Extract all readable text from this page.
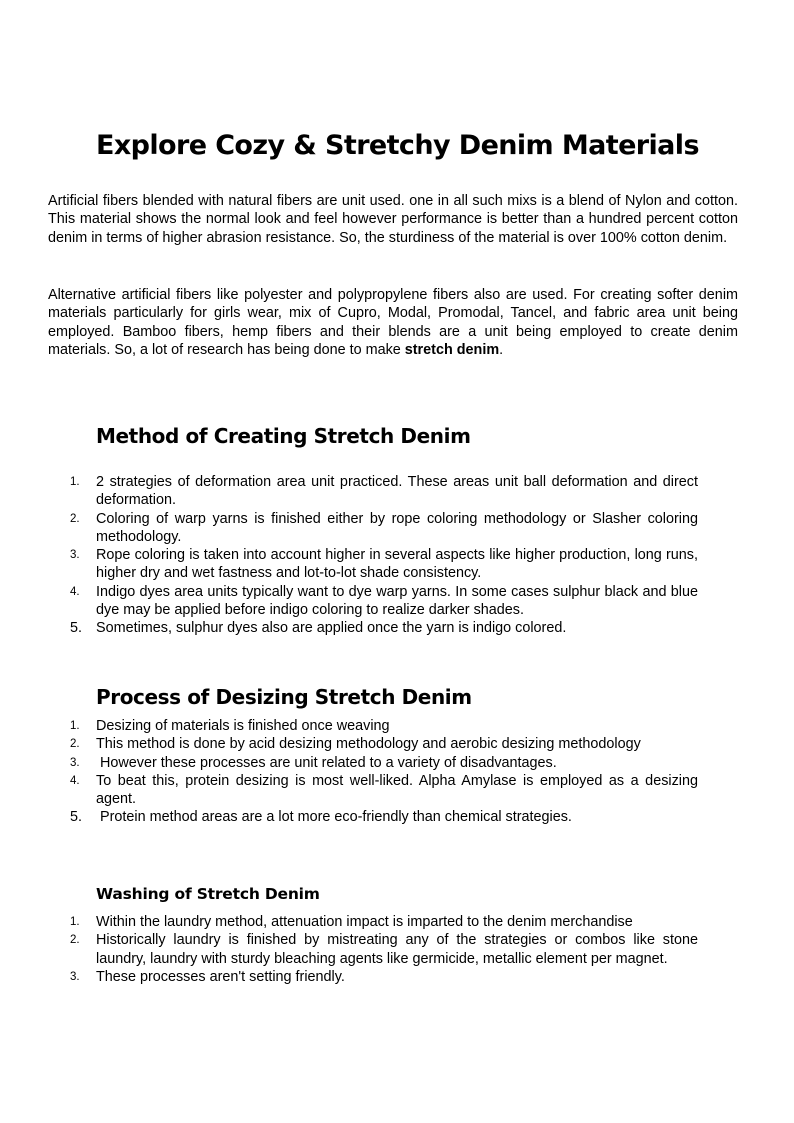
Explore Cozy & Stretchy Denim Materials

Artificial fibers blended with natural fibers are unit used. one in all such mixs is a blend of Nylon and cotton. This material shows the normal look and feel however performance is better than a hundred percent cotton denim in terms of higher abrasion resistance. So, the sturdiness of the material is over 100% cotton denim.

Alternative artificial fibers like polyester and polypropylene fibers also are used. For creating softer denim materials particularly for girls wear, mix of Cupro, Modal, Promodal, Tancel, and fabric area unit being employed. Bamboo fibers, hemp fibers and their blends are a unit being employed to create denim materials. So, a lot of research has being done to make stretch denim.

Method of Creating Stretch Denim
1.	2 strategies of deformation area unit practiced. These areas unit ball deformation and direct deformation.
2.	Coloring of warp yarns is finished either by rope coloring methodology or Slasher coloring methodology.
3.	Rope coloring is taken into account higher in several aspects like higher production, long runs, higher dry and wet fastness and lot-to-lot shade consistency.
4.	Indigo dyes area units typically want to dye warp yarns. In some cases sulphur black and blue dye may be applied before indigo coloring to realize darker shades.
5. Sometimes, sulphur dyes also are applied once the yarn is indigo colored.
Process of Desizing Stretch Denim
1.	Desizing of materials is finished once weaving
2.	This method is done by acid desizing methodology and aerobic desizing methodology
3.	However these processes are unit related to a variety of disadvantages.
4.	To beat this, protein desizing is most well-liked. Alpha Amylase is employed as a desizing agent.
5. Protein method areas are a lot more eco-friendly than chemical strategies.
Washing of Stretch Denim
1.	Within the laundry method, attenuation impact is imparted to the denim merchandise
2.	Historically laundry is finished by mistreating any of the strategies or combos like stone laundry, laundry with sturdy bleaching agents like germicide, metallic element per magnet.
3.	These processes aren't setting friendly.
